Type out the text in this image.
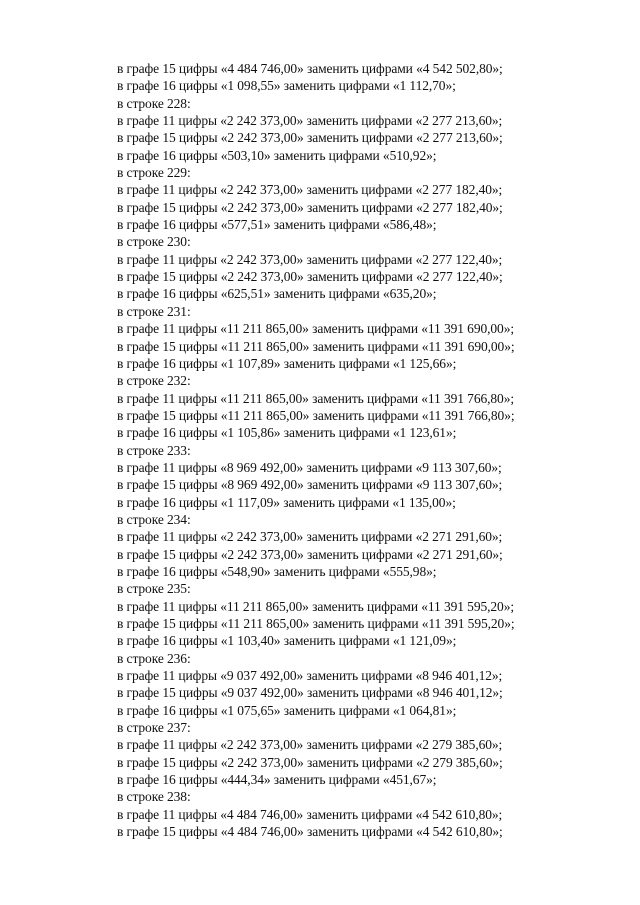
в графе 15 цифры «4 484 746,00» заменить цифрами «4 542 502,80»;
в графе 16 цифры «1 098,55» заменить цифрами «1 112,70»;
в строке 228:
в графе 11 цифры «2 242 373,00» заменить цифрами «2 277 213,60»;
в графе 15 цифры «2 242 373,00» заменить цифрами «2 277 213,60»;
в графе 16 цифры «503,10» заменить цифрами «510,92»;
в строке 229:
в графе 11 цифры «2 242 373,00» заменить цифрами «2 277 182,40»;
в графе 15 цифры «2 242 373,00» заменить цифрами «2 277 182,40»;
в графе 16 цифры «577,51» заменить цифрами «586,48»;
в строке 230:
в графе 11 цифры «2 242 373,00» заменить цифрами «2 277 122,40»;
в графе 15 цифры «2 242 373,00» заменить цифрами «2 277 122,40»;
в графе 16 цифры «625,51» заменить цифрами «635,20»;
в строке 231:
в графе 11 цифры «11 211 865,00» заменить цифрами «11 391 690,00»;
в графе 15 цифры «11 211 865,00» заменить цифрами «11 391 690,00»;
в графе 16 цифры «1 107,89» заменить цифрами «1 125,66»;
в строке 232:
в графе 11 цифры «11 211 865,00» заменить цифрами «11 391 766,80»;
в графе 15 цифры «11 211 865,00» заменить цифрами «11 391 766,80»;
в графе 16 цифры «1 105,86» заменить цифрами «1 123,61»;
в строке 233:
в графе 11 цифры «8 969 492,00» заменить цифрами «9 113 307,60»;
в графе 15 цифры «8 969 492,00» заменить цифрами «9 113 307,60»;
в графе 16 цифры «1 117,09» заменить цифрами «1 135,00»;
в строке 234:
в графе 11 цифры «2 242 373,00» заменить цифрами «2 271 291,60»;
в графе 15 цифры «2 242 373,00» заменить цифрами «2 271 291,60»;
в графе 16 цифры «548,90» заменить цифрами «555,98»;
в строке 235:
в графе 11 цифры «11 211 865,00» заменить цифрами «11 391 595,20»;
в графе 15 цифры «11 211 865,00» заменить цифрами «11 391 595,20»;
в графе 16 цифры «1 103,40» заменить цифрами «1 121,09»;
в строке 236:
в графе 11 цифры «9 037 492,00» заменить цифрами «8 946 401,12»;
в графе 15 цифры «9 037 492,00» заменить цифрами «8 946 401,12»;
в графе 16 цифры «1 075,65» заменить цифрами «1 064,81»;
в строке 237:
в графе 11 цифры «2 242 373,00» заменить цифрами «2 279 385,60»;
в графе 15 цифры «2 242 373,00» заменить цифрами «2 279 385,60»;
в графе 16 цифры «444,34» заменить цифрами «451,67»;
в строке 238:
в графе 11 цифры «4 484 746,00» заменить цифрами «4 542 610,80»;
в графе 15 цифры «4 484 746,00» заменить цифрами «4 542 610,80»;
